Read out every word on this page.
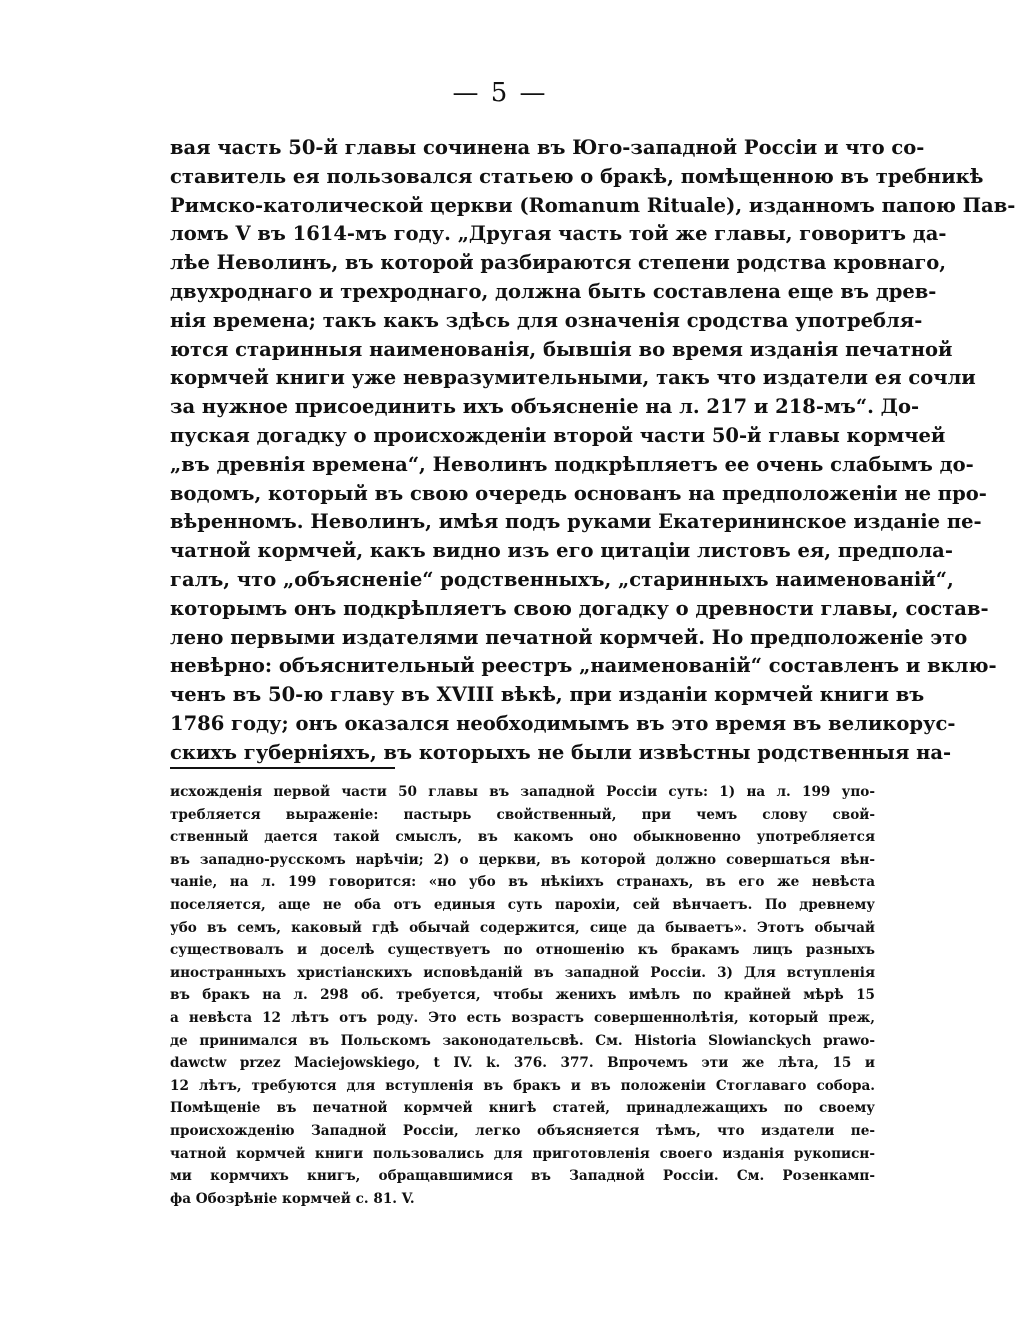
— 5 —
вая часть 50-й главы сочинена въ Юго-западной Россіи и что со-
ставитель ея пользовался статьею о бракѣ, помѣщенною въ требникѣ
Римско-католической церкви (Romanum Rituale), изданномъ папою Пав-
ломъ V въ 1614-мъ году. „Другая часть той же главы, говоритъ да-
лѣе Неволинъ, въ которой разбираются степени родства кровнаго,
двухроднаго и трехроднаго, должна быть составлена еще въ древ-
нія времена; такъ какъ здѣсь для означенія сродства употребля-
ются старинныя наименованія, бывшія во время изданія печатной
кормчей книги уже невразумительными, такъ что издатели ея сочли
за нужное присоединить ихъ объясненіе на л. 217 и 218-мъ“. До-
пуская догадку о происхожденіи второй части 50-й главы кормчей
„въ древнія времена“, Неволинъ подкрѣпляетъ ее очень слабымъ до-
водомъ, который въ свою очередь основанъ на предположеніи не про-
вѣренномъ. Неволинъ, имѣя подъ руками Екатерининское изданіе пе-
чатной кормчей, какъ видно изъ его цитаціи листовъ ея, предпола-
галъ, что „объясненіе“ родственныхъ, „старинныхъ наименованій“,
которымъ онъ подкрѣпляетъ свою догадку о древности главы, состав-
лено первыми издателями печатной кормчей. Но предположеніе это
невѣрно: объяснительный реестръ „наименованій“ составленъ и вклю-
ченъ въ 50-ю главу въ XVIII вѣкѣ, при изданіи кормчей книги въ
1786 году; онъ оказался необходимымъ въ это время въ великорус-
скихъ губерніяхъ, въ которыхъ не были извѣстны родственныя на-
исхожденія первой части 50 главы въ западной Россіи суть: 1) на л. 199 упо-
требляется выраженіе: пастырь свойственный, при чемъ слову свой-
ственный дается такой смыслъ, въ какомъ оно обыкновенно употребляется
въ западно-русскомъ нарѣчіи; 2) о церкви, въ которой должно совершаться вѣн-
чаніе, на л. 199 говорится: «но убо въ нѣкіихъ странахъ, въ его же невѣста
поселяется, аще не оба отъ единыя суть парохіи, сей вѣнчаетъ. По древнему
убо въ семъ, каковый гдѣ обычай содержится, сице да бываетъ». Этотъ обычай
существовалъ и доселѣ существуетъ по отношенію къ бракамъ лицъ разныхъ
иностранныхъ христіанскихъ исповѣданій въ западной Россіи. 3) Для вступленія
въ бракъ на л. 298 об. требуется, чтобы женихъ имѣлъ по крайней мѣрѣ 15
а невѣста 12 лѣтъ отъ роду. Это есть возрастъ совершеннолѣтія, который преж,
де принимался въ Польскомъ законодательсвѣ. См. Historia Slowianckych prawo-
dawctw przez Maciejowskiego, t IV. k. 376. 377. Впрочемъ эти же лѣта, 15 и
12 лѣтъ, требуются для вступленія въ бракъ и въ положеніи Стоглаваго собора.
Помѣщеніе въ печатной кормчей книгѣ статей, принадлежащихъ по своему
происхожденію Западной Россіи, легко объясняется тѣмъ, что издатели пе-
чатной кормчей книги пользовались для приготовленія своего изданія рукописн-
ми кормчихъ книгъ, обращавшимися въ Западной Россіи. См. Розенкамп-
фа Обозрѣніе кормчей с. 81. V.
